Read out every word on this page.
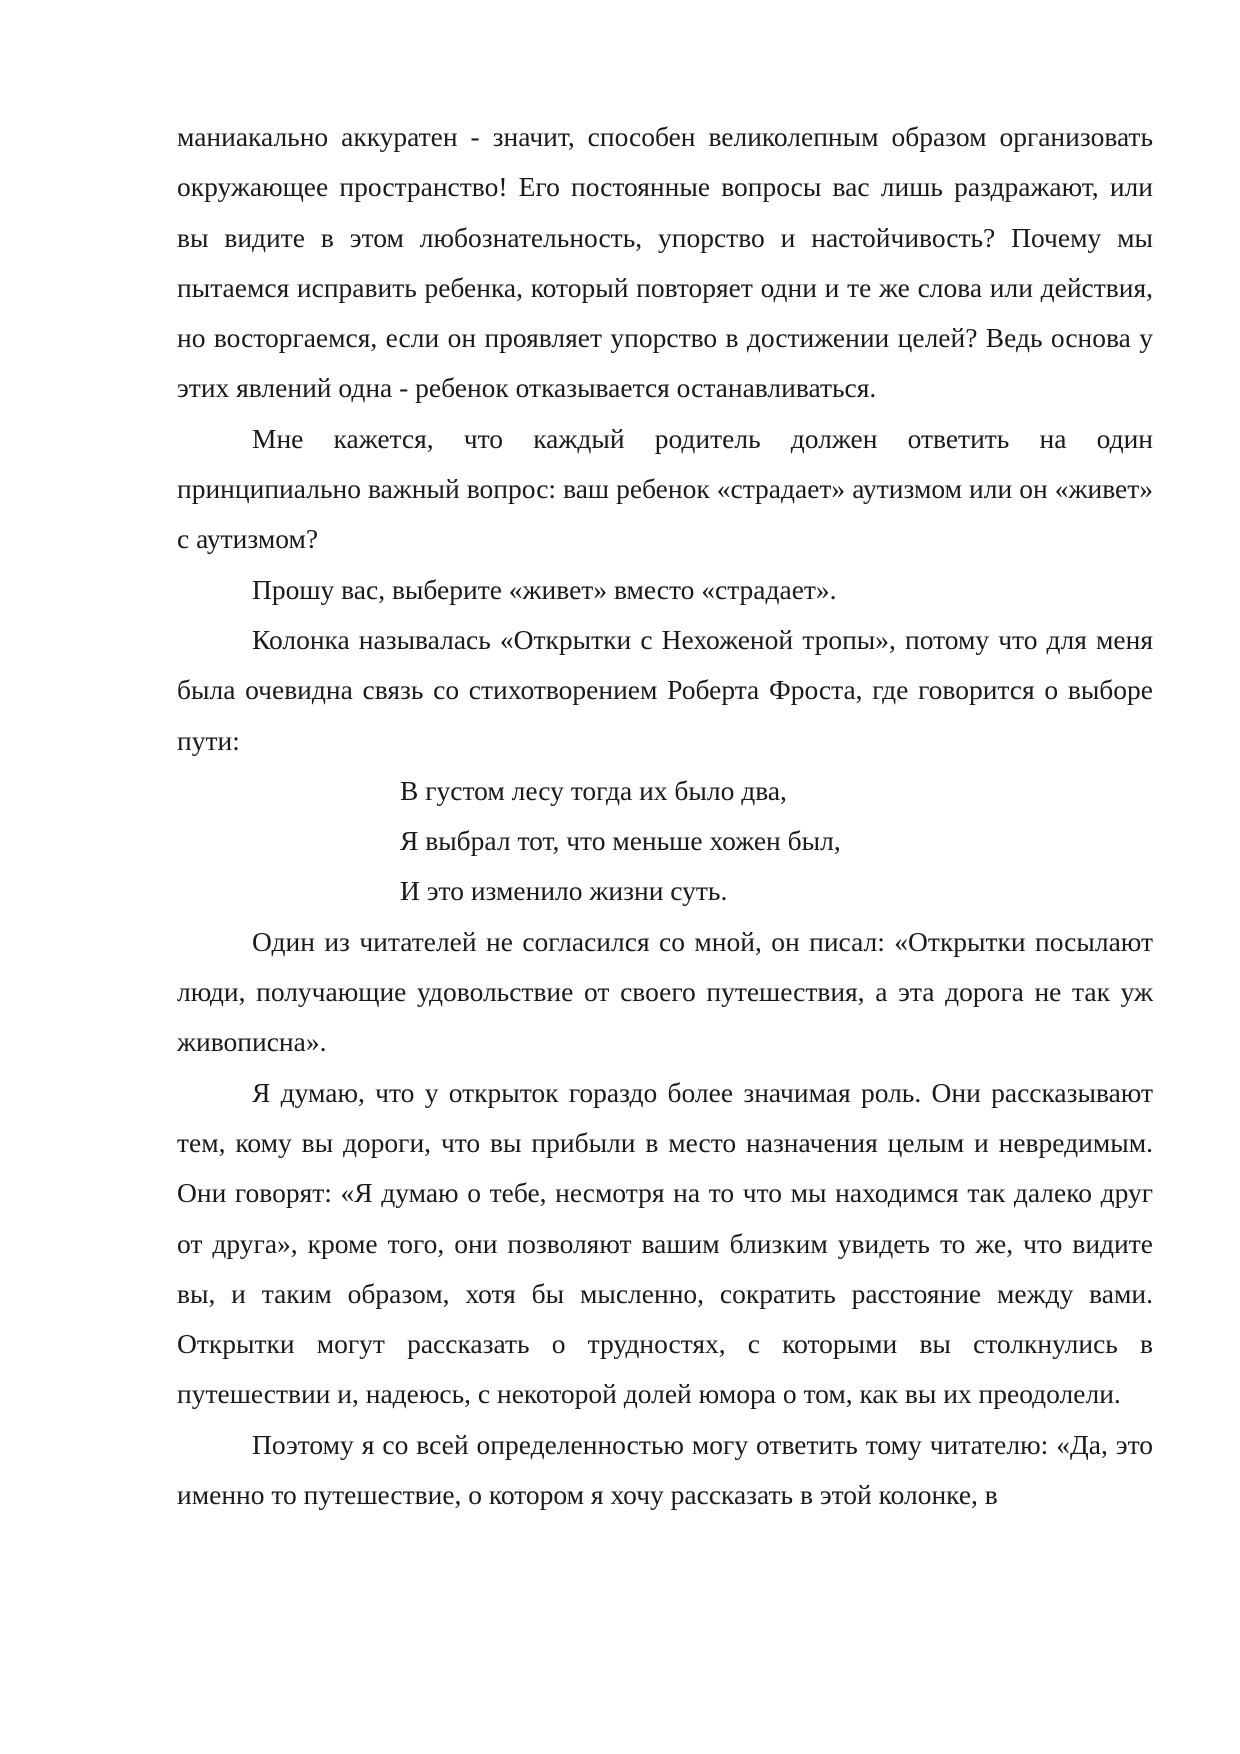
маниакально аккуратен - значит, способен великолепным образом организовать окружающее пространство! Его постоянные вопросы вас лишь раздражают, или вы видите в этом любознательность, упорство и настойчивость? Почему мы пытаемся исправить ребенка, который повторяет одни и те же слова или действия, но восторгаемся, если он проявляет упорство в достижении целей? Ведь основа у этих явлений одна - ребенок отказывается останавливаться.

Мне кажется, что каждый родитель должен ответить на один принципиально важный вопрос: ваш ребенок «страдает» аутизмом или он «живет» с аутизмом?

Прошу вас, выберите «живет» вместо «страдает».

Колонка называлась «Открытки с Нехоженой тропы», потому что для меня была очевидна связь со стихотворением Роберта Фроста, где говорится о выборе пути:

В густом лесу тогда их было два,
Я выбрал тот, что меньше хожен был,
И это изменило жизни суть.

Один из читателей не согласился со мной, он писал: «Открытки посылают люди, получающие удовольствие от своего путешествия, а эта дорога не так уж живописна».

Я думаю, что у открыток гораздо более значимая роль. Они рассказывают тем, кому вы дороги, что вы прибыли в место назначения целым и невредимым. Они говорят: «Я думаю о тебе, несмотря на то что мы находимся так далеко друг от друга», кроме того, они позволяют вашим близким увидеть то же, что видите вы, и таким образом, хотя бы мысленно, сократить расстояние между вами. Открытки могут рассказать о трудностях, с которыми вы столкнулись в путешествии и, надеюсь, с некоторой долей юмора о том, как вы их преодолели.

Поэтому я со всей определенностью могу ответить тому читателю: «Да, это именно то путешествие, о котором я хочу рассказать в этой колонке, в
